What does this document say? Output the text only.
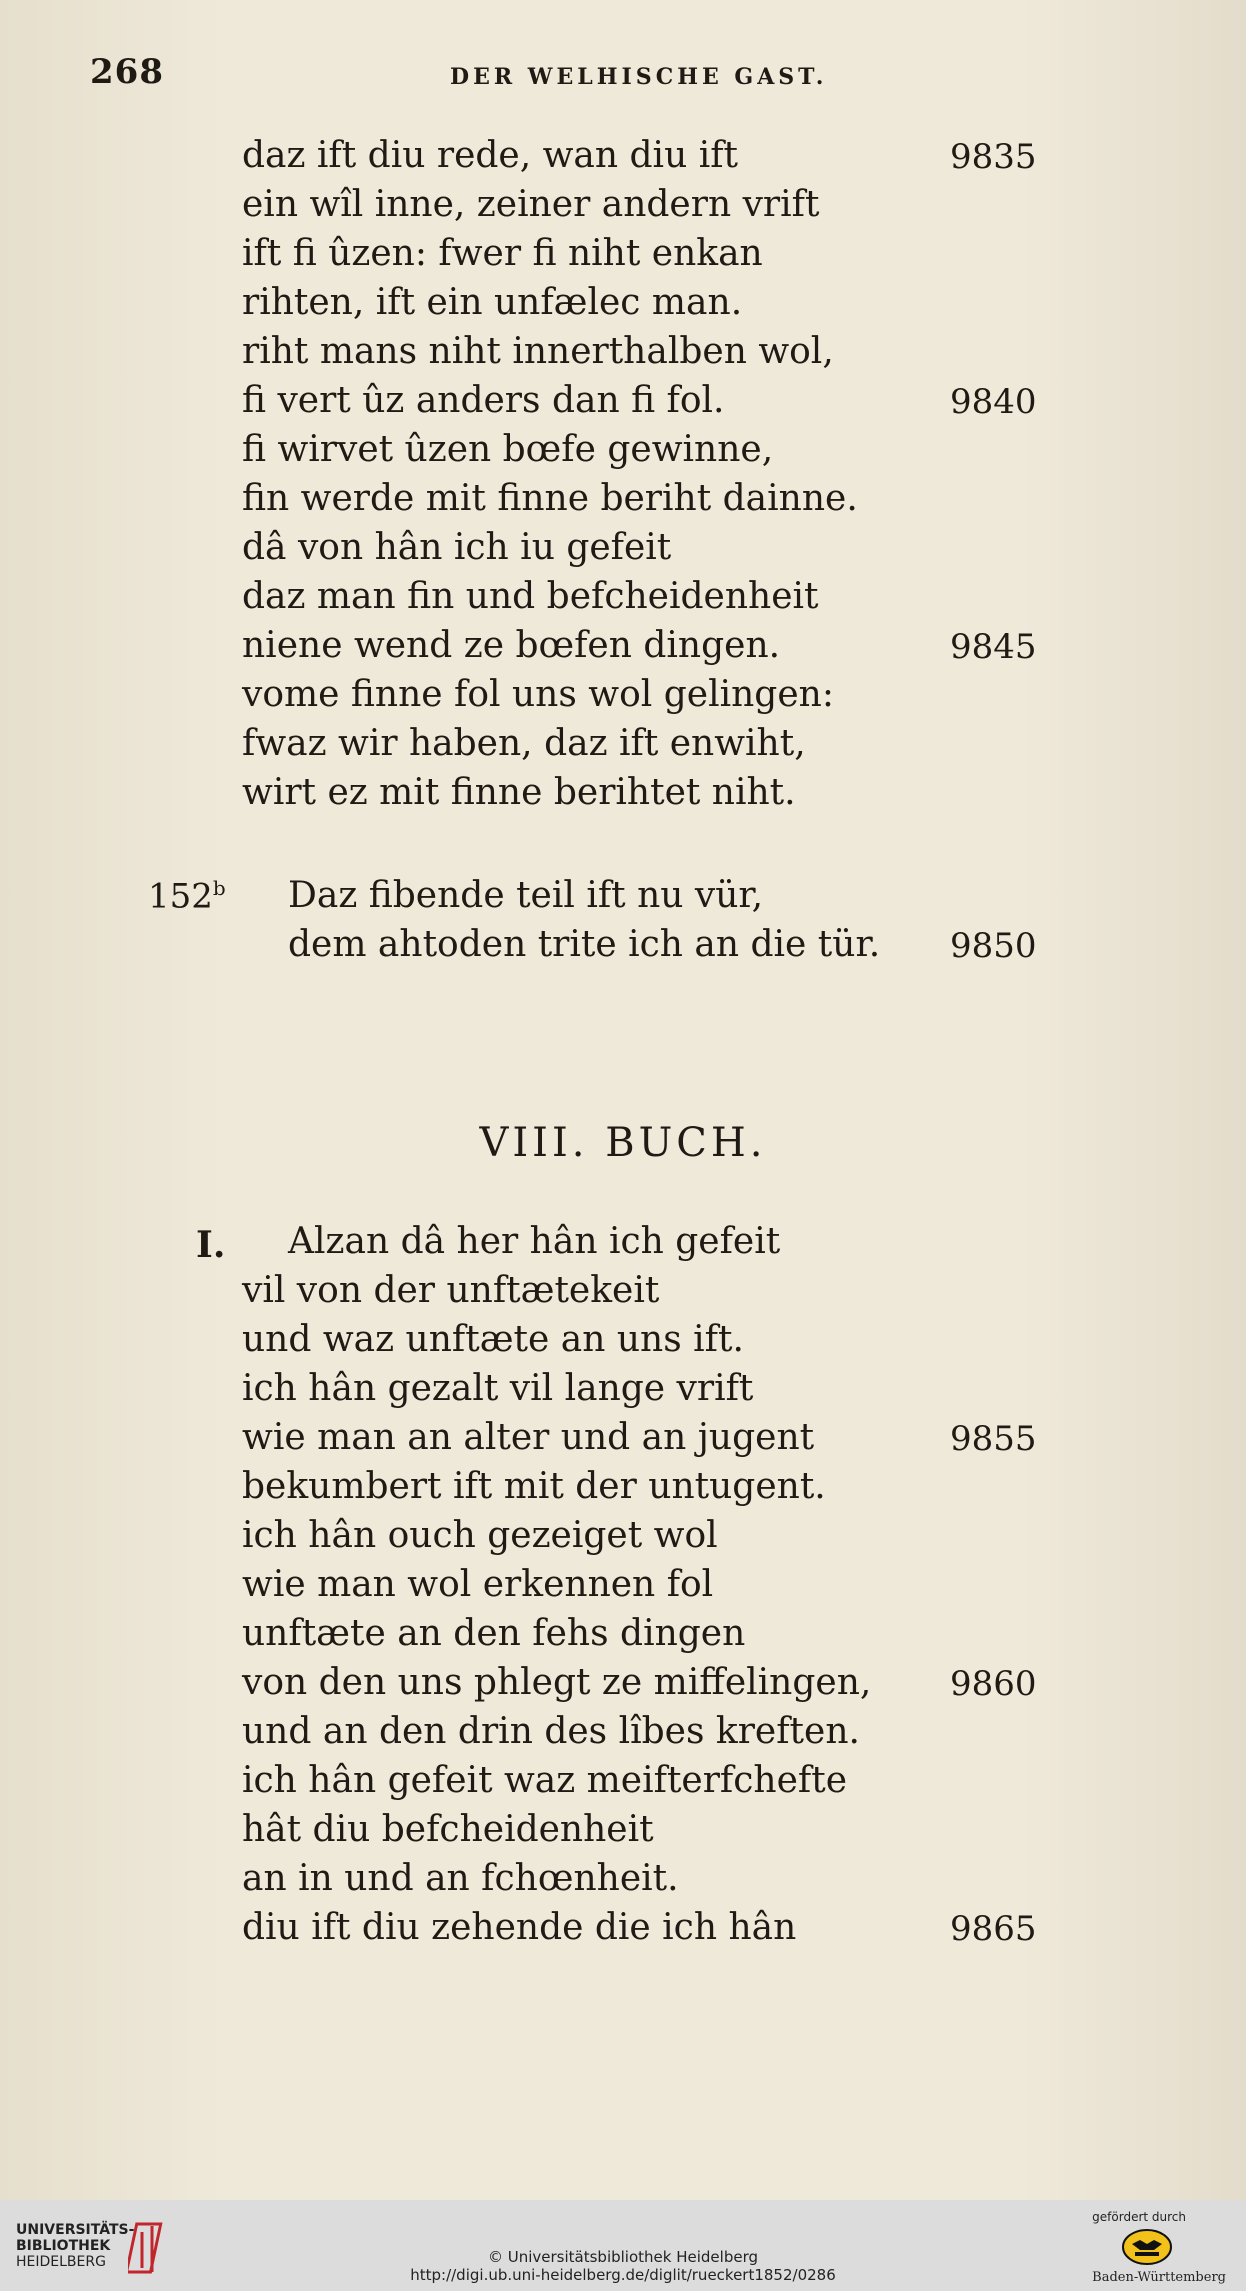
268	DER WELHISCHE GAST.
daz ift diu rede, wan diu ift	9835
ein wîl inne, zeiner andern vrift
ift fi ûzen: fwer fi niht enkan
rihten, ift ein unfælec man.
riht mans niht innerthalben wol,
fi vert ûz anders dan fi fol.	9840
fi wirvet ûzen bœfe gewinne,
fin werde mit finne beriht dainne.
dâ von hân ich iu gefeit
daz man fin und befcheidenheit
niene wend ze bœfen dingen.	9845
vome finne fol uns wol gelingen:
fwaz wir haben, daz ift enwiht,
wirt ez mit finne berihtet niht.
152$^b$ Daz fibende teil ift nu vür,
dem ahtoden trite ich an die tür. 9850
VIII. BUCH.
I. Alzan dâ her hân ich gefeit
vil von der unftætekeit
und waz unftæte an uns ift.
ich hân gezalt vil lange vrift
wie man an alter und an jugent	9855
bekumbert ift mit der untugent.
ich hân ouch gezeiget wol
wie man wol erkennen fol
unftæte an den fehs dingen
von den uns phlegt ze miffelingen, 9860
und an den drin des lîbes kreften.
ich hân gefeit waz meifterfchefte
hât diu befcheidenheit
an in und an fchœnheit.
diu ift diu zehende die ich hân	9865
UNIVERSITÄTS-
BIBLIOTHEK
HEIDELBERG	© Universitätsbibliothek Heidelberg
http://digi.ub.uni-heidelberg.de/diglit/rueckert1852/0286
gefördert durch
Baden-Württemberg
